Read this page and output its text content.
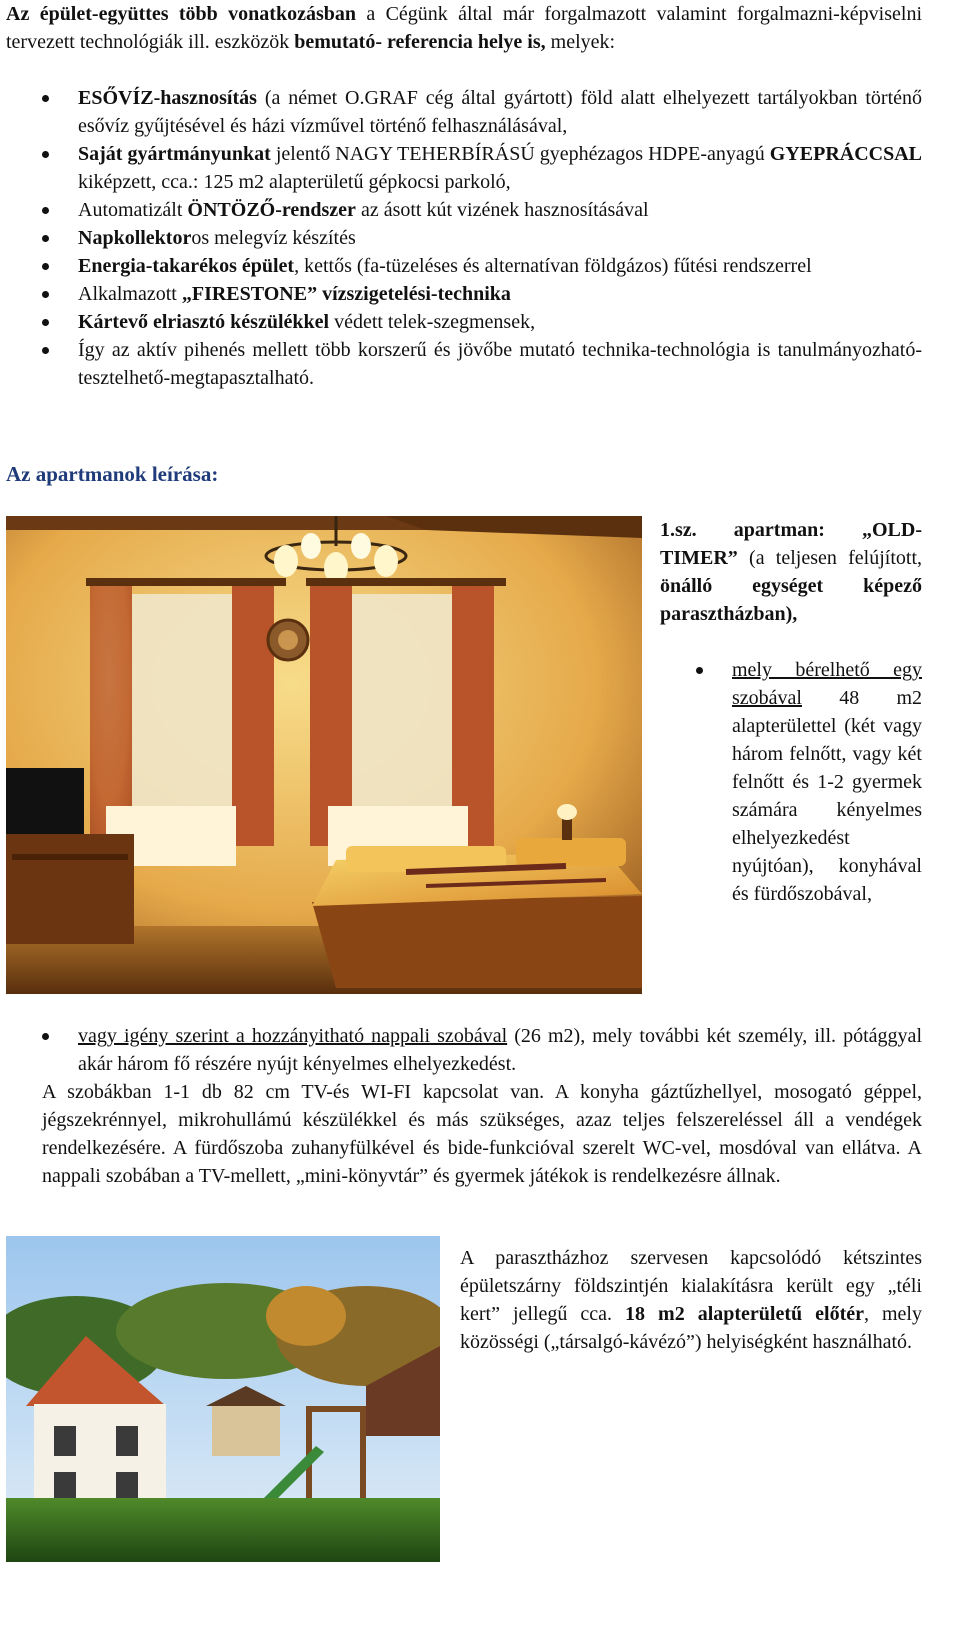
Az épület-együttes több vonatkozásban a Cégünk által már forgalmazott valamint forgalmazni-képviselni tervezett technológiák ill. eszközök bemutató- referencia helye is, melyek:
ESŐVÍZ-hasznosítás (a német O.GRAF cég által gyártott) föld alatt elhelyezett tartályokban történő esővíz gyűjtésével és házi vízművel történő felhasználásával,
Saját gyártmányunkat jelentő NAGY TEHERBÍRÁSÚ gyephézagos HDPE-anyagú GYEPRÁCCSAL kiképzett, cca.: 125 m2 alapterületű gépkocsi parkoló,
Automatizált ÖNTÖZŐ-rendszer az ásott kút vizének hasznosításával
Napkollektoros melegvíz készítés
Energia-takarékos épület, kettős (fa-tüzeléses és alternatívan földgázos) fűtési rendszerrel
Alkalmazott „FIRESTONE” vízszigetelési-technika
Kártevő elriasztó készülékkel védett telek-szegmensek,
Így az aktív pihenés mellett több korszerű és jövőbe mutató technika-technológia is tanulmányozható-tesztelhető-megtapasztalható.
Az apartmanok leírása:
1.sz. apartman: „OLD-TIMER” (a teljesen felújított, önálló egységet képező parasztházban),
mely bérelhető egy szobával 48 m2 alapterülettel (két vagy három felnőtt, vagy két felnőtt és 1-2 gyermek számára kényelmes elhelyezkedést nyújtóan), konyhával és fürdőszobával,
vagy igény szerint a hozzányitható nappali szobával (26 m2), mely további két személy, ill. pótággyal akár három fő részére nyújt kényelmes elhelyezkedést.
A szobákban 1-1 db 82 cm TV-és WI-FI kapcsolat van. A konyha gáztűzhellyel, mosogató géppel, jégszekrénnyel, mikrohullámú készülékkel és más szükséges, azaz teljes felszereléssel áll a vendégek rendelkezésére. A fürdőszoba zuhanyfülkével és bide-funkcióval szerelt WC-vel, mosdóval van ellátva. A nappali szobában a TV-mellett, „mini-könyvtár” és gyermek játékok is rendelkezésre állnak.
A parasztházhoz szervesen kapcsolódó kétszintes épületszárny földszintjén kialakításra került egy „téli kert” jellegű cca. 18 m2 alapterületű előtér, mely közösségi („társalgó-kávézó”) helyiségként használható.
